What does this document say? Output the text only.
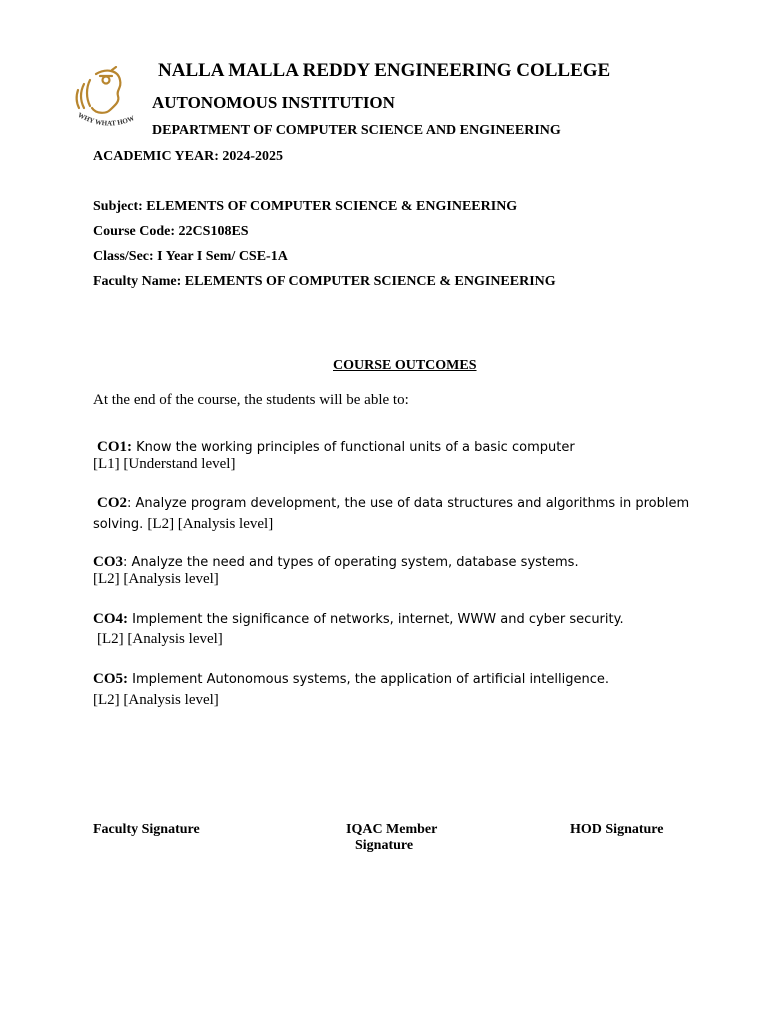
WHY WHAT HOW
NALLA MALLA REDDY ENGINEERING COLLEGE
AUTONOMOUS INSTITUTION
DEPARTMENT OF COMPUTER SCIENCE AND ENGINEERING
ACADEMIC YEAR: 2024-2025
Subject: ELEMENTS OF COMPUTER SCIENCE & ENGINEERING
Course Code: 22CS108ES
Class/Sec: I Year I Sem/ CSE-1A
Faculty Name: ELEMENTS OF COMPUTER SCIENCE & ENGINEERING
COURSE OUTCOMES
At the end of the course, the students will be able to:
CO1: Know the working principles of functional units of a basic computer
[L1] [Understand level]
CO2: Analyze program development, the use of data structures and algorithms in problem
solving. [L2] [Analysis level]
CO3: Analyze the need and types of operating system, database systems.
[L2] [Analysis level]
CO4: Implement the significance of networks, internet, WWW and cyber security.
[L2] [Analysis level]
CO5: Implement Autonomous systems, the application of artificial intelligence.
[L2] [Analysis level]
Faculty Signature	IQAC Member
Signature
HOD Signature
